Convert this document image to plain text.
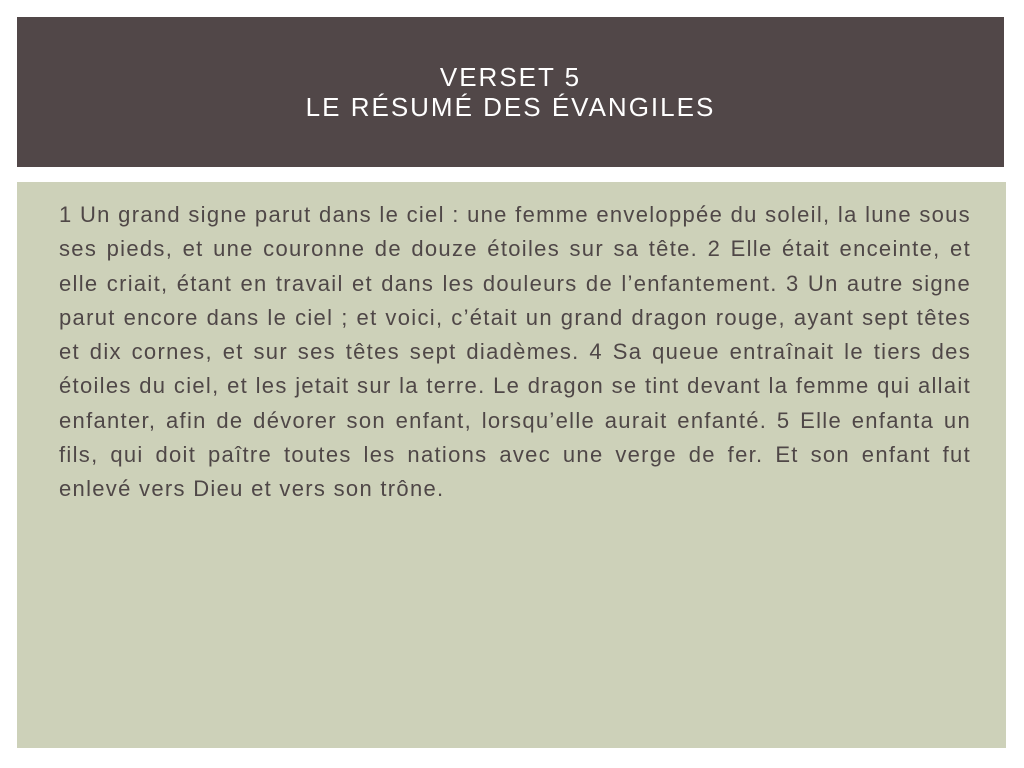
VERSET 5
LE RÉSUMÉ DES ÉVANGILES

1 Un grand signe parut dans le ciel : une femme enveloppée du soleil, la lune sous ses pieds, et une couronne de douze étoiles sur sa tête. 2 Elle était enceinte, et elle criait, étant en travail et dans les douleurs de l’enfantement. 3 Un autre signe parut encore dans le ciel ; et voici, c’était un grand dragon rouge, ayant sept têtes et dix cornes, et sur ses têtes sept diadèmes. 4 Sa queue entraînait le tiers des étoiles du ciel, et les jetait sur la terre. Le dragon se tint devant la femme qui allait enfanter, afin de dévorer son enfant, lorsqu’elle aurait enfanté. 5 Elle enfanta un fils, qui doit paître toutes les nations avec une verge de fer. Et son enfant fut enlevé vers Dieu et vers son trône.
